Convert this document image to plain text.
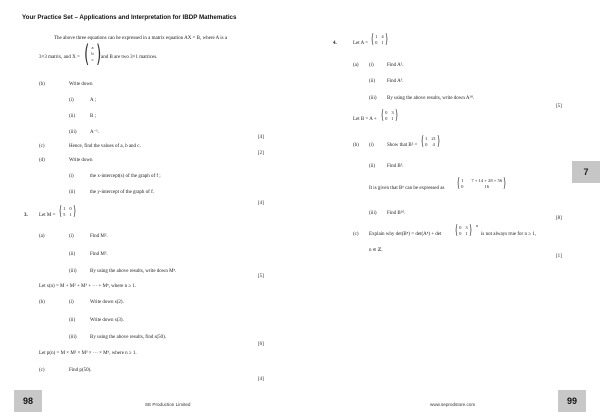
Your Practice Set – Applications and Interpretation for IBDP Mathematics
The above three equations can be expressed in a matrix equation AX = B, where A is a
3×3 matrix, and X = ( a
b
c ) and B are two 3×1 matrices.
(b)	Write down
(i)	A ;
(ii)	B ;
(iii)	A⁻¹.
[4]
(c)	Hence, find the values of a, b and c.
[2]
(d)	Write down
(i)	the x-intercept(s) of the graph of f ;
(ii)	the y-intercept of the graph of f.
[4]
3. Let M = ( 1 0
5 1 )
(a)	(i)	Find M².
(ii)	Find M³.
(iii)	By using the above results, write down Mⁿ.
[5]
Let s(n) = M + M² + M³ + ··· + Mⁿ, where n ≥ 1.
(b)	(i)	Write down s(2).
(ii)	Write down s(3).
(iii)	By using the above results, find s(50).
[6]
Let p(n) = M × M² × M³ × ··· × Mⁿ, where n ≥ 1.
(c)	Find p(50).
[4]
4.	Let A = ( 1 4
0 1 )
(a) (i)	Find A².
(ii) Find A³.
(iii) By using the above results, write down A¹⁰.
[5]
Let B = A + ( 0 3
0 1 )
(b) (i)	Show that B² = ( 1 21
0 4 )
(ii) Find B³.
It is given that Bⁿ can be expressed as ( 1 7 + 14 + 28 + 56
0	16	)
(iii) Find B¹⁰.
[8]
(c) Explain why det(Bⁿ) = det(Aⁿ) + det ( 0 3
0 1 ) n
is not always true for n ≥ 1,
n ∈ ℤ.
[1]
7
98	SE Production Limited	www.seprodstore.com	99
